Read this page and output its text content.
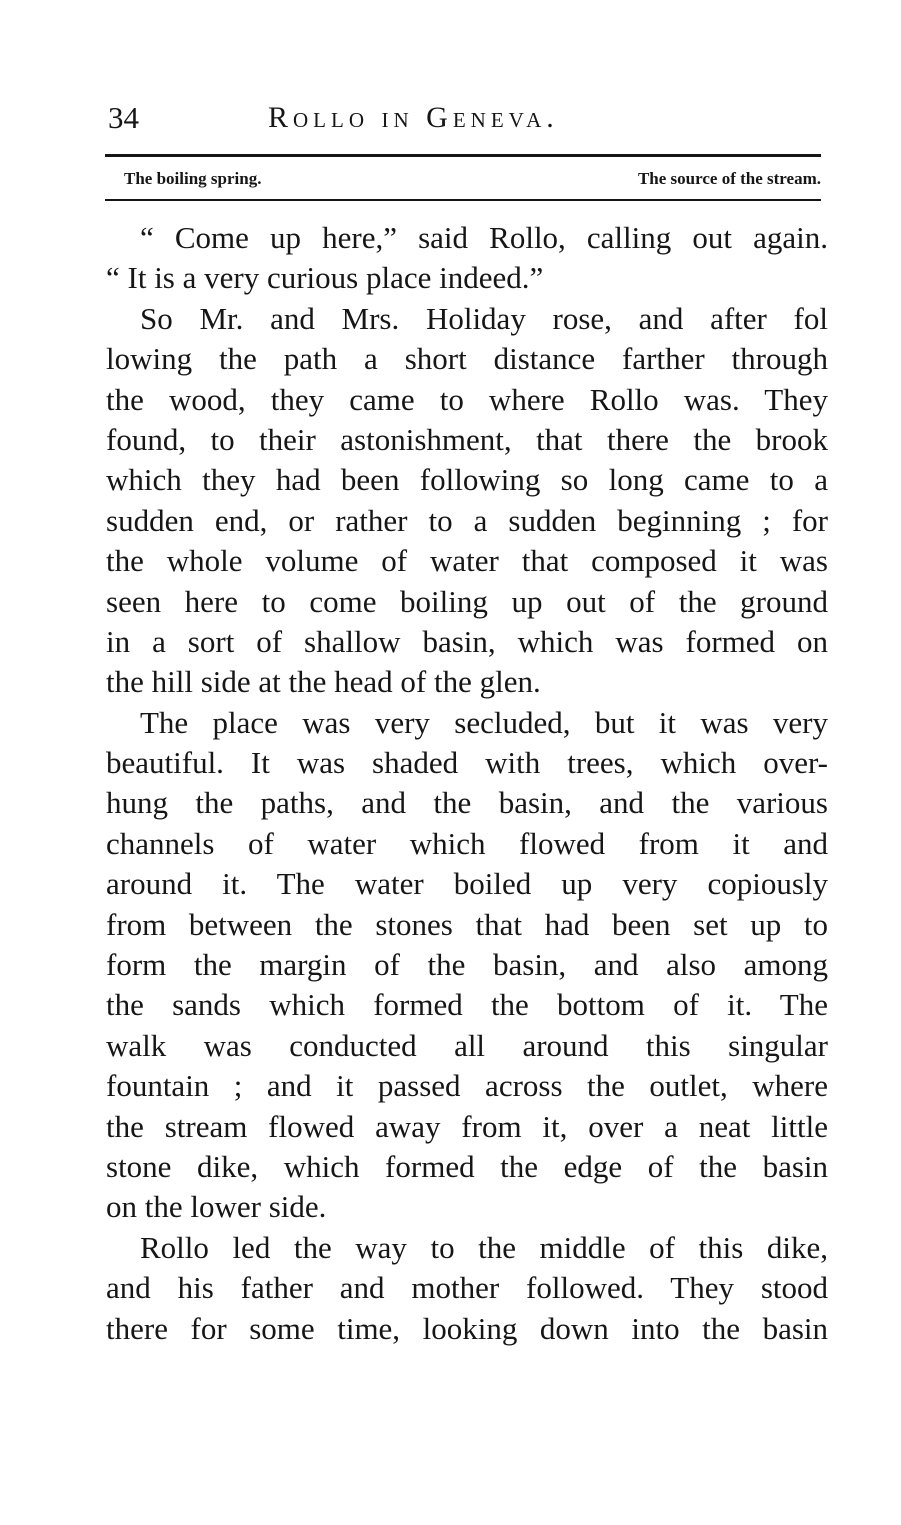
34	Rollo in Geneva.
The boiling spring.	The source of the stream.
“ Come up here,” said Rollo, calling out again.
“ It is a very curious place indeed.”
So Mr. and Mrs. Holiday rose, and after fol
lowing the path a short distance farther through
the wood, they came to where Rollo was. They
found, to their astonishment, that there the brook
which they had been following so long came to a
sudden end, or rather to a sudden beginning ; for
the whole volume of water that composed it was
seen here to come boiling up out of the ground
in a sort of shallow basin, which was formed on
the hill side at the head of the glen.
The place was very secluded, but it was very
beautiful. It was shaded with trees, which over-
hung the paths, and the basin, and the various
channels of water which flowed from it and
around it. The water boiled up very copiously
from between the stones that had been set up to
form the margin of the basin, and also among
the sands which formed the bottom of it. The
walk was conducted all around this singular
fountain ; and it passed across the outlet, where
the stream flowed away from it, over a neat little
stone dike, which formed the edge of the basin
on the lower side.
Rollo led the way to the middle of this dike,
and his father and mother followed. They stood
there for some time, looking down into the basin
